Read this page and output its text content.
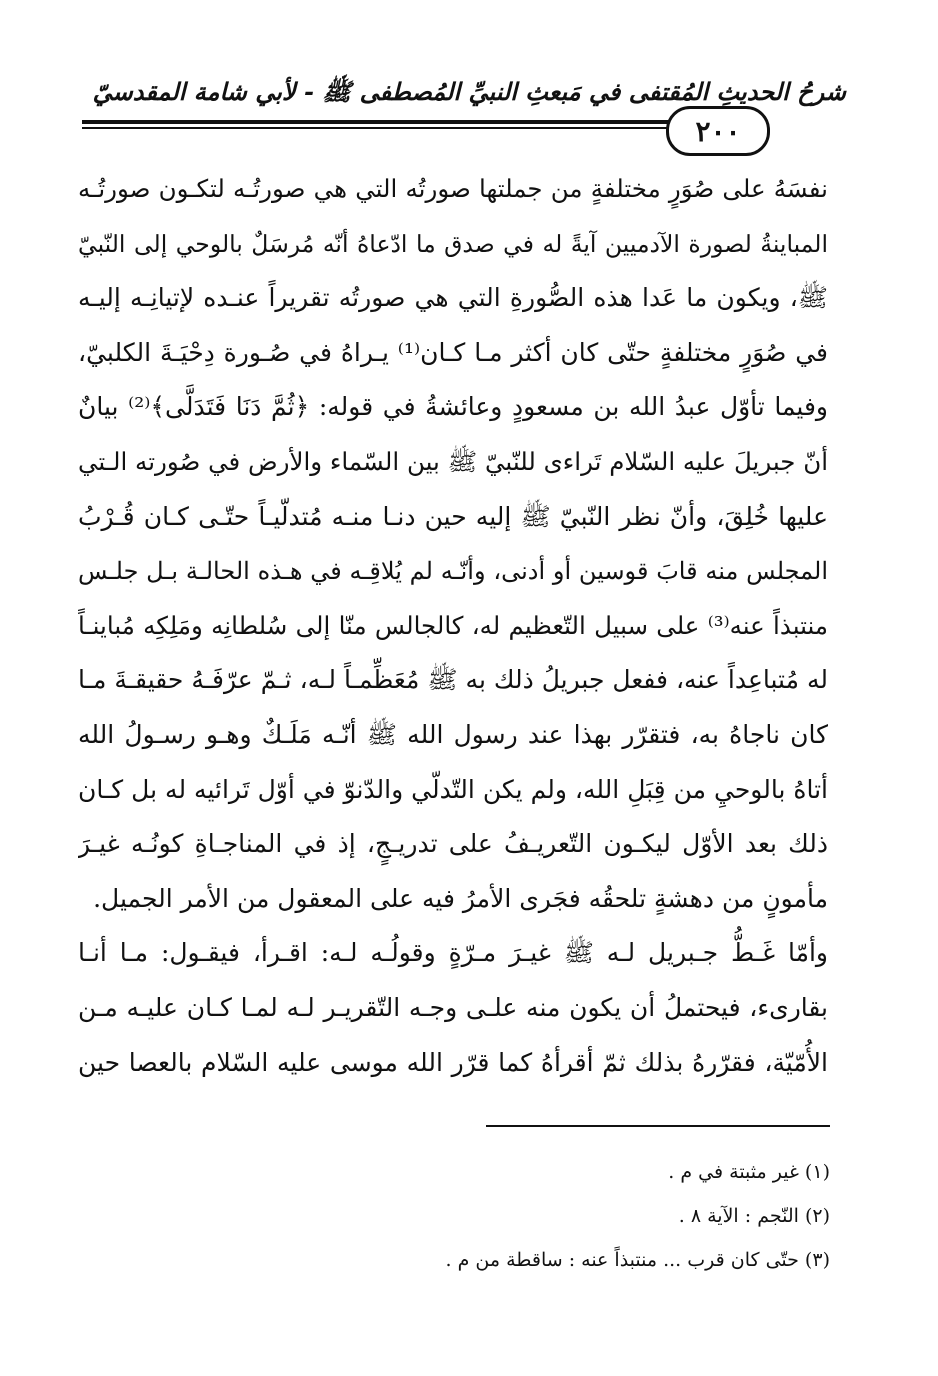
شرحُ الحديثِ المُقتفى في مَبعثِ النبيِّ المُصطفى ﷺ - لأبي شامة المقدسيّ
٢٠٠
نفسَهُ على صُوَرٍ مختلفةٍ من جملتها صورتُه التي هي صورتُـه لتكـون صورتُـه
المباينةُ لصورة الآدميين آيةً له في صدق ما ادّعاهُ أنّه مُرسَلٌ بالوحي إلى النّبيّ
ﷺ، ويكون ما عَدا هذه الصُّورةِ التي هي صورتُه تقريراً عنـده لإتيانِـه إليـه
في صُوَرٍ مختلفةٍ حتّى كان أكثر مـا كـان⁽¹⁾ يـراهُ في صُـورة دِحْيَـةَ الكلبيّ،
وفيما تأوّل عبدُ الله بن مسعودٍ وعائشةُ في قوله: ﴿ثُمَّ دَنَا فَتَدَلَّى﴾⁽²⁾ بيانٌ
أنّ جبريلَ عليه السّلام تَراءى للنّبيّ ﷺ بين السّماء والأرض في صُورته الـتي
عليها خُلِقَ، وأنّ نظر النّبيّ ﷺ إليه حين دنـا منـه مُتدلّيـاً حتّـى كـان قُـرْبُ
المجلس منه قابَ قوسين أو أدنى، وأنّـه لم يُلاقِـه في هـذه الحالـة بـل جلـس
منتبذاً عنه⁽³⁾ على سبيل التّعظيم له، كالجالس منّا إلى سُلطانِه ومَلِكِه مُباينـاً
له مُتباعِداً عنه، ففعل جبريلُ ذلك به ﷺ مُعَظِّمـاً لـه، ثـمّ عرّفَـهُ حقيقـةَ مـا
كان ناجاهُ به، فتقرّر بهذا عند رسول الله ﷺ أنّـه مَلَـكٌ وهـو رسـولُ الله
أتاهُ بالوحيِ من قِبَلِ الله، ولم يكن التّدلّي والدّنوّ في أوّل تَرائيه له بل كـان
ذلك بعد الأوّل ليكـون التّعريـفُ على تدريـجٍ، إذ في المناجـاةِ كونُـه غيـرَ
مأمونٍ من دهشةٍ تلحقُه فجَرى الأمرُ فيه على المعقول من الأمر الجميل.
وأمّا غَـطُّ جـبريل لـه ﷺ غيـرَ مـرّةٍ وقولُـه لـه: اقـرأ، فيقـول: مـا أنـا
بقارىء، فيحتملُ أن يكون منه علـى وجـه التّقريـر لـه لمـا كـان عليـه مـن
الأُمّيّة، فقرّرهُ بذلك ثمّ أقرأهُ كما قرّر الله موسى عليه السّلام بالعصا حين
(١) غير مثبتة في م .
(٢) النّجم : الآية ٨ .
(٣) حتّى كان قرب ... منتبذاً عنه : ساقطة من م .
